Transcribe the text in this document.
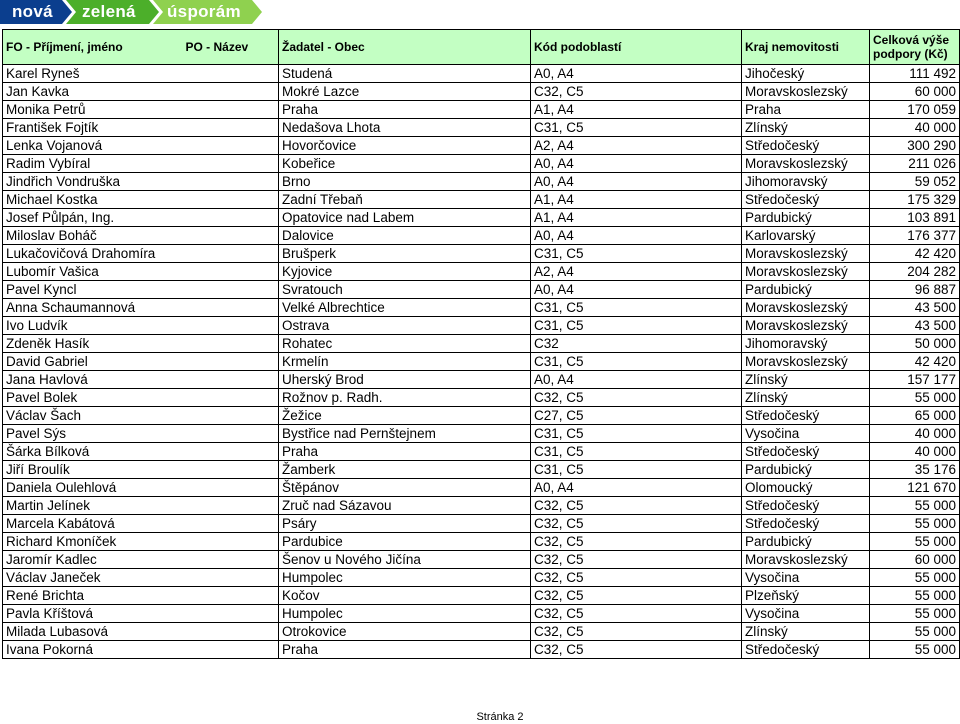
nová zelená úsporám
FO - Příjmení, jméno	PO - Název	Žadatel - Obec	Kód podoblastí	Kraj nemovitosti	Celková výše podpory (Kč)
Karel Ryneš		Studená	A0, A4	Jihočeský	111 492
Jan Kavka		Mokré Lazce	C32, C5	Moravskoslezský	60 000
Monika Petrů		Praha	A1, A4	Praha	170 059
František Fojtík		Nedašova Lhota	C31, C5	Zlínský	40 000
Lenka Vojanová		Hovorčovice	A2, A4	Středočeský	300 290
Radim Vybíral		Kobeřice	A0, A4	Moravskoslezský	211 026
Jindřich Vondruška		Brno	A0, A4	Jihomoravský	59 052
Michael Kostka		Zadní Třebaň	A1, A4	Středočeský	175 329
Josef Půlpán, Ing.		Opatovice nad Labem	A1, A4	Pardubický	103 891
Miloslav Boháč		Dalovice	A0, A4	Karlovarský	176 377
Lukačovičová Drahomíra		Brušperk	C31, C5	Moravskoslezský	42 420
Lubomír Vašica		Kyjovice	A2, A4	Moravskoslezský	204 282
Pavel Kyncl		Svratouch	A0, A4	Pardubický	96 887
Anna Schaumannová		Velké Albrechtice	C31, C5	Moravskoslezský	43 500
Ivo Ludvík		Ostrava	C31, C5	Moravskoslezský	43 500
Zdeněk Hasík		Rohatec	C32	Jihomoravský	50 000
David Gabriel		Krmelín	C31, C5	Moravskoslezský	42 420
Jana Havlová		Uherský Brod	A0, A4	Zlínský	157 177
Pavel Bolek		Rožnov p. Radh.	C32, C5	Zlínský	55 000
Václav Šach		Žežice	C27, C5	Středočeský	65 000
Pavel Sýs		Bystřice nad Pernštejnem	C31, C5	Vysočina	40 000
Šárka Bílková		Praha	C31, C5	Středočeský	40 000
Jiří Broulík		Žamberk	C31, C5	Pardubický	35 176
Daniela Oulehlová		Štěpánov	A0, A4	Olomoucký	121 670
Martin Jelínek		Zruč nad Sázavou	C32, C5	Středočeský	55 000
Marcela Kabátová		Psáry	C32, C5	Středočeský	55 000
Richard Kmoníček		Pardubice	C32, C5	Pardubický	55 000
Jaromír Kadlec		Šenov u Nového Jičína	C32, C5	Moravskoslezský	60 000
Václav Janeček		Humpolec	C32, C5	Vysočina	55 000
René Brichta		Kočov	C32, C5	Plzeňský	55 000
Pavla Kříštová		Humpolec	C32, C5	Vysočina	55 000
Milada Lubasová		Otrokovice	C32, C5	Zlínský	55 000
Ivana Pokorná		Praha	C32, C5	Středočeský	55 000
Stránka 2
